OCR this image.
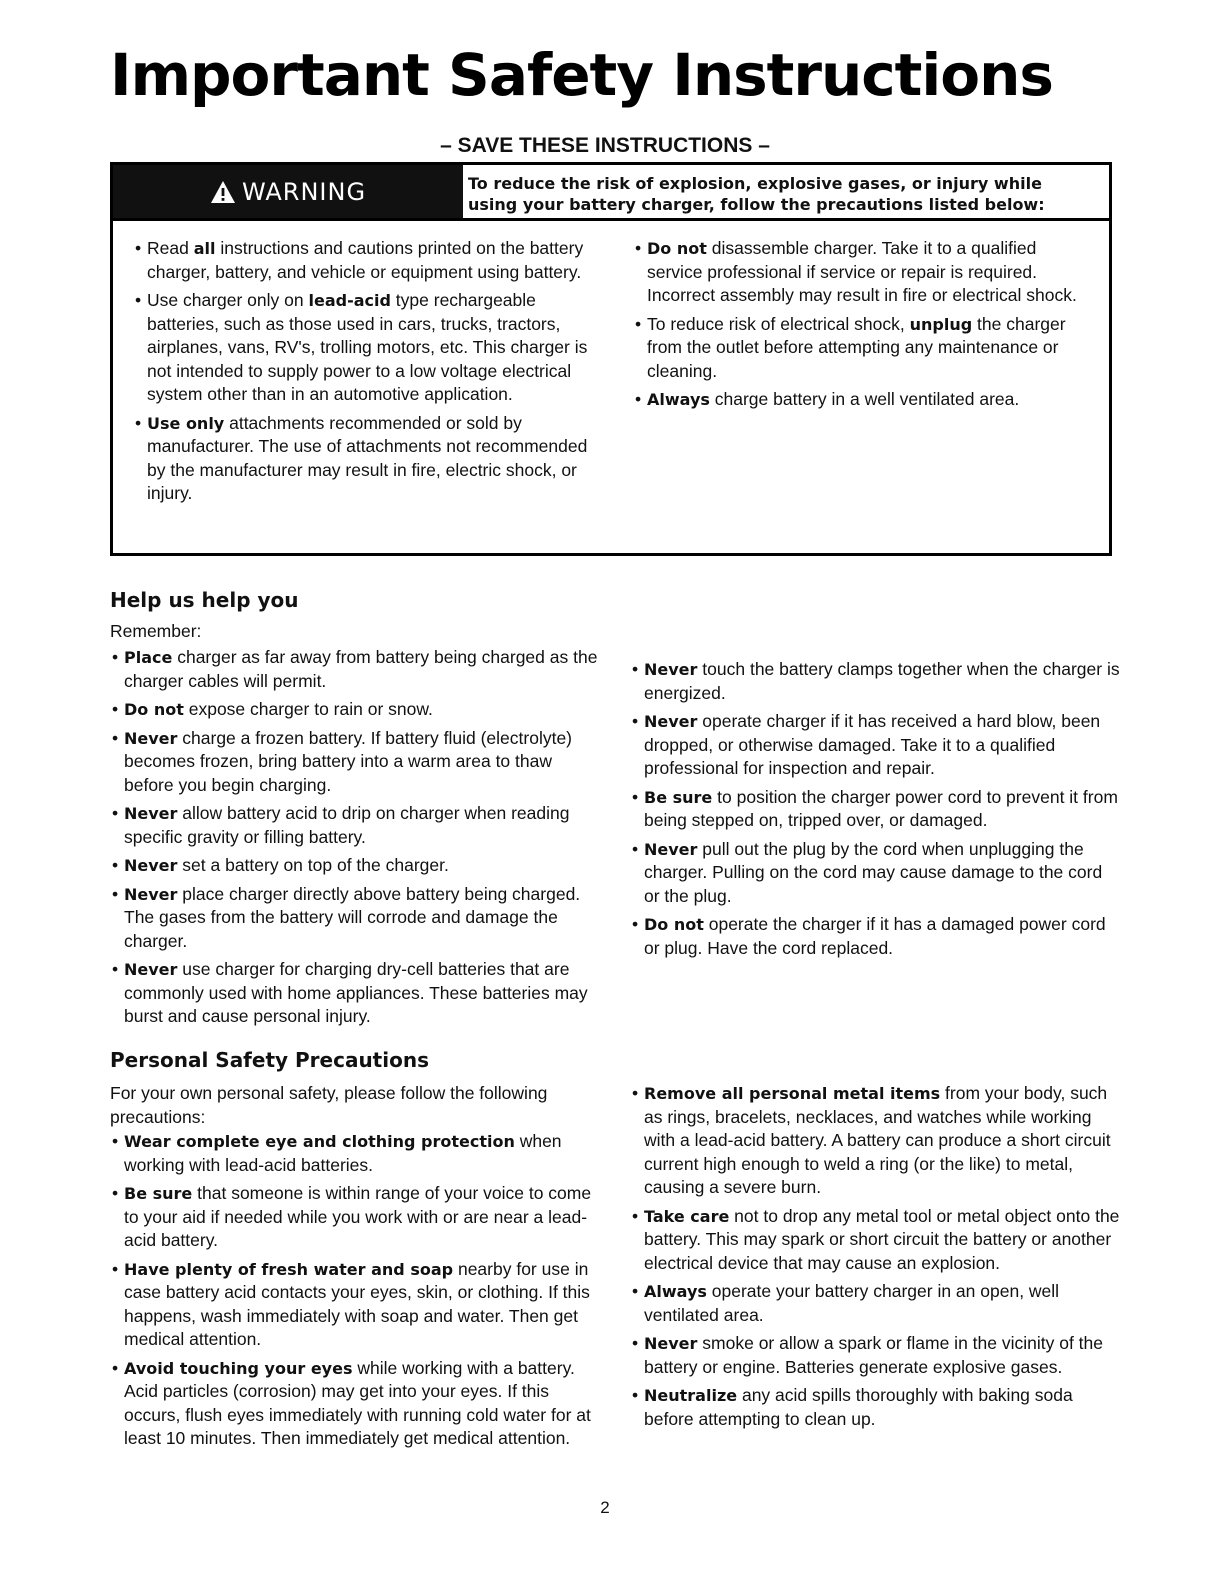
Important Safety Instructions

– SAVE THESE INSTRUCTIONS –

WARNING	To reduce the risk of explosion, explosive gases, or injury while using your battery charger, follow the precautions listed below:

• Read all instructions and cautions printed on the battery charger, battery, and vehicle or equipment using battery.
• Use charger only on lead-acid type rechargeable batteries, such as those used in cars, trucks, tractors, airplanes, vans, RV's, trolling motors, etc. This charger is not intended to supply power to a low voltage electrical system other than in an automotive application.
• Use only attachments recommended or sold by manufacturer. The use of attachments not recommended by the manufacturer may result in fire, electric shock, or injury.
• Do not disassemble charger. Take it to a qualified service professional if service or repair is required. Incorrect assembly may result in fire or electrical shock.
• To reduce risk of electrical shock, unplug the charger from the outlet before attempting any maintenance or cleaning.
• Always charge battery in a well ventilated area.
Help us help you

Remember:

• Place charger as far away from battery being charged as the charger cables will permit.
• Do not expose charger to rain or snow.
• Never charge a frozen battery. If battery fluid (electrolyte) becomes frozen, bring battery into a warm area to thaw before you begin charging.
• Never allow battery acid to drip on charger when reading specific gravity or filling battery.
• Never set a battery on top of the charger.
• Never place charger directly above battery being charged. The gases from the battery will corrode and damage the charger.
• Never use charger for charging dry-cell batteries that are commonly used with home appliances. These batteries may burst and cause personal injury.
• Never touch the battery clamps together when the charger is energized.
• Never operate charger if it has received a hard blow, been dropped, or otherwise damaged. Take it to a qualified professional for inspection and repair.
• Be sure to position the charger power cord to prevent it from being stepped on, tripped over, or damaged.
• Never pull out the plug by the cord when unplugging the charger. Pulling on the cord may cause damage to the cord or the plug.
• Do not operate the charger if it has a damaged power cord or plug. Have the cord replaced.
Personal Safety Precautions

For your own personal safety, please follow the following precautions:

• Wear complete eye and clothing protection when working with lead-acid batteries.
• Be sure that someone is within range of your voice to come to your aid if needed while you work with or are near a lead-acid battery.
• Have plenty of fresh water and soap nearby for use in case battery acid contacts your eyes, skin, or clothing. If this happens, wash immediately with soap and water. Then get medical attention.
• Avoid touching your eyes while working with a battery. Acid particles (corrosion) may get into your eyes. If this occurs, flush eyes immediately with running cold water for at least 10 minutes. Then immediately get medical attention.
• Remove all personal metal items from your body, such as rings, bracelets, necklaces, and watches while working with a lead-acid battery. A battery can produce a short circuit current high enough to weld a ring (or the like) to metal, causing a severe burn.
• Take care not to drop any metal tool or metal object onto the battery. This may spark or short circuit the battery or another electrical device that may cause an explosion.
• Always operate your battery charger in an open, well ventilated area.
• Never smoke or allow a spark or flame in the vicinity of the battery or engine. Batteries generate explosive gases.
• Neutralize any acid spills thoroughly with baking soda before attempting to clean up.
2
